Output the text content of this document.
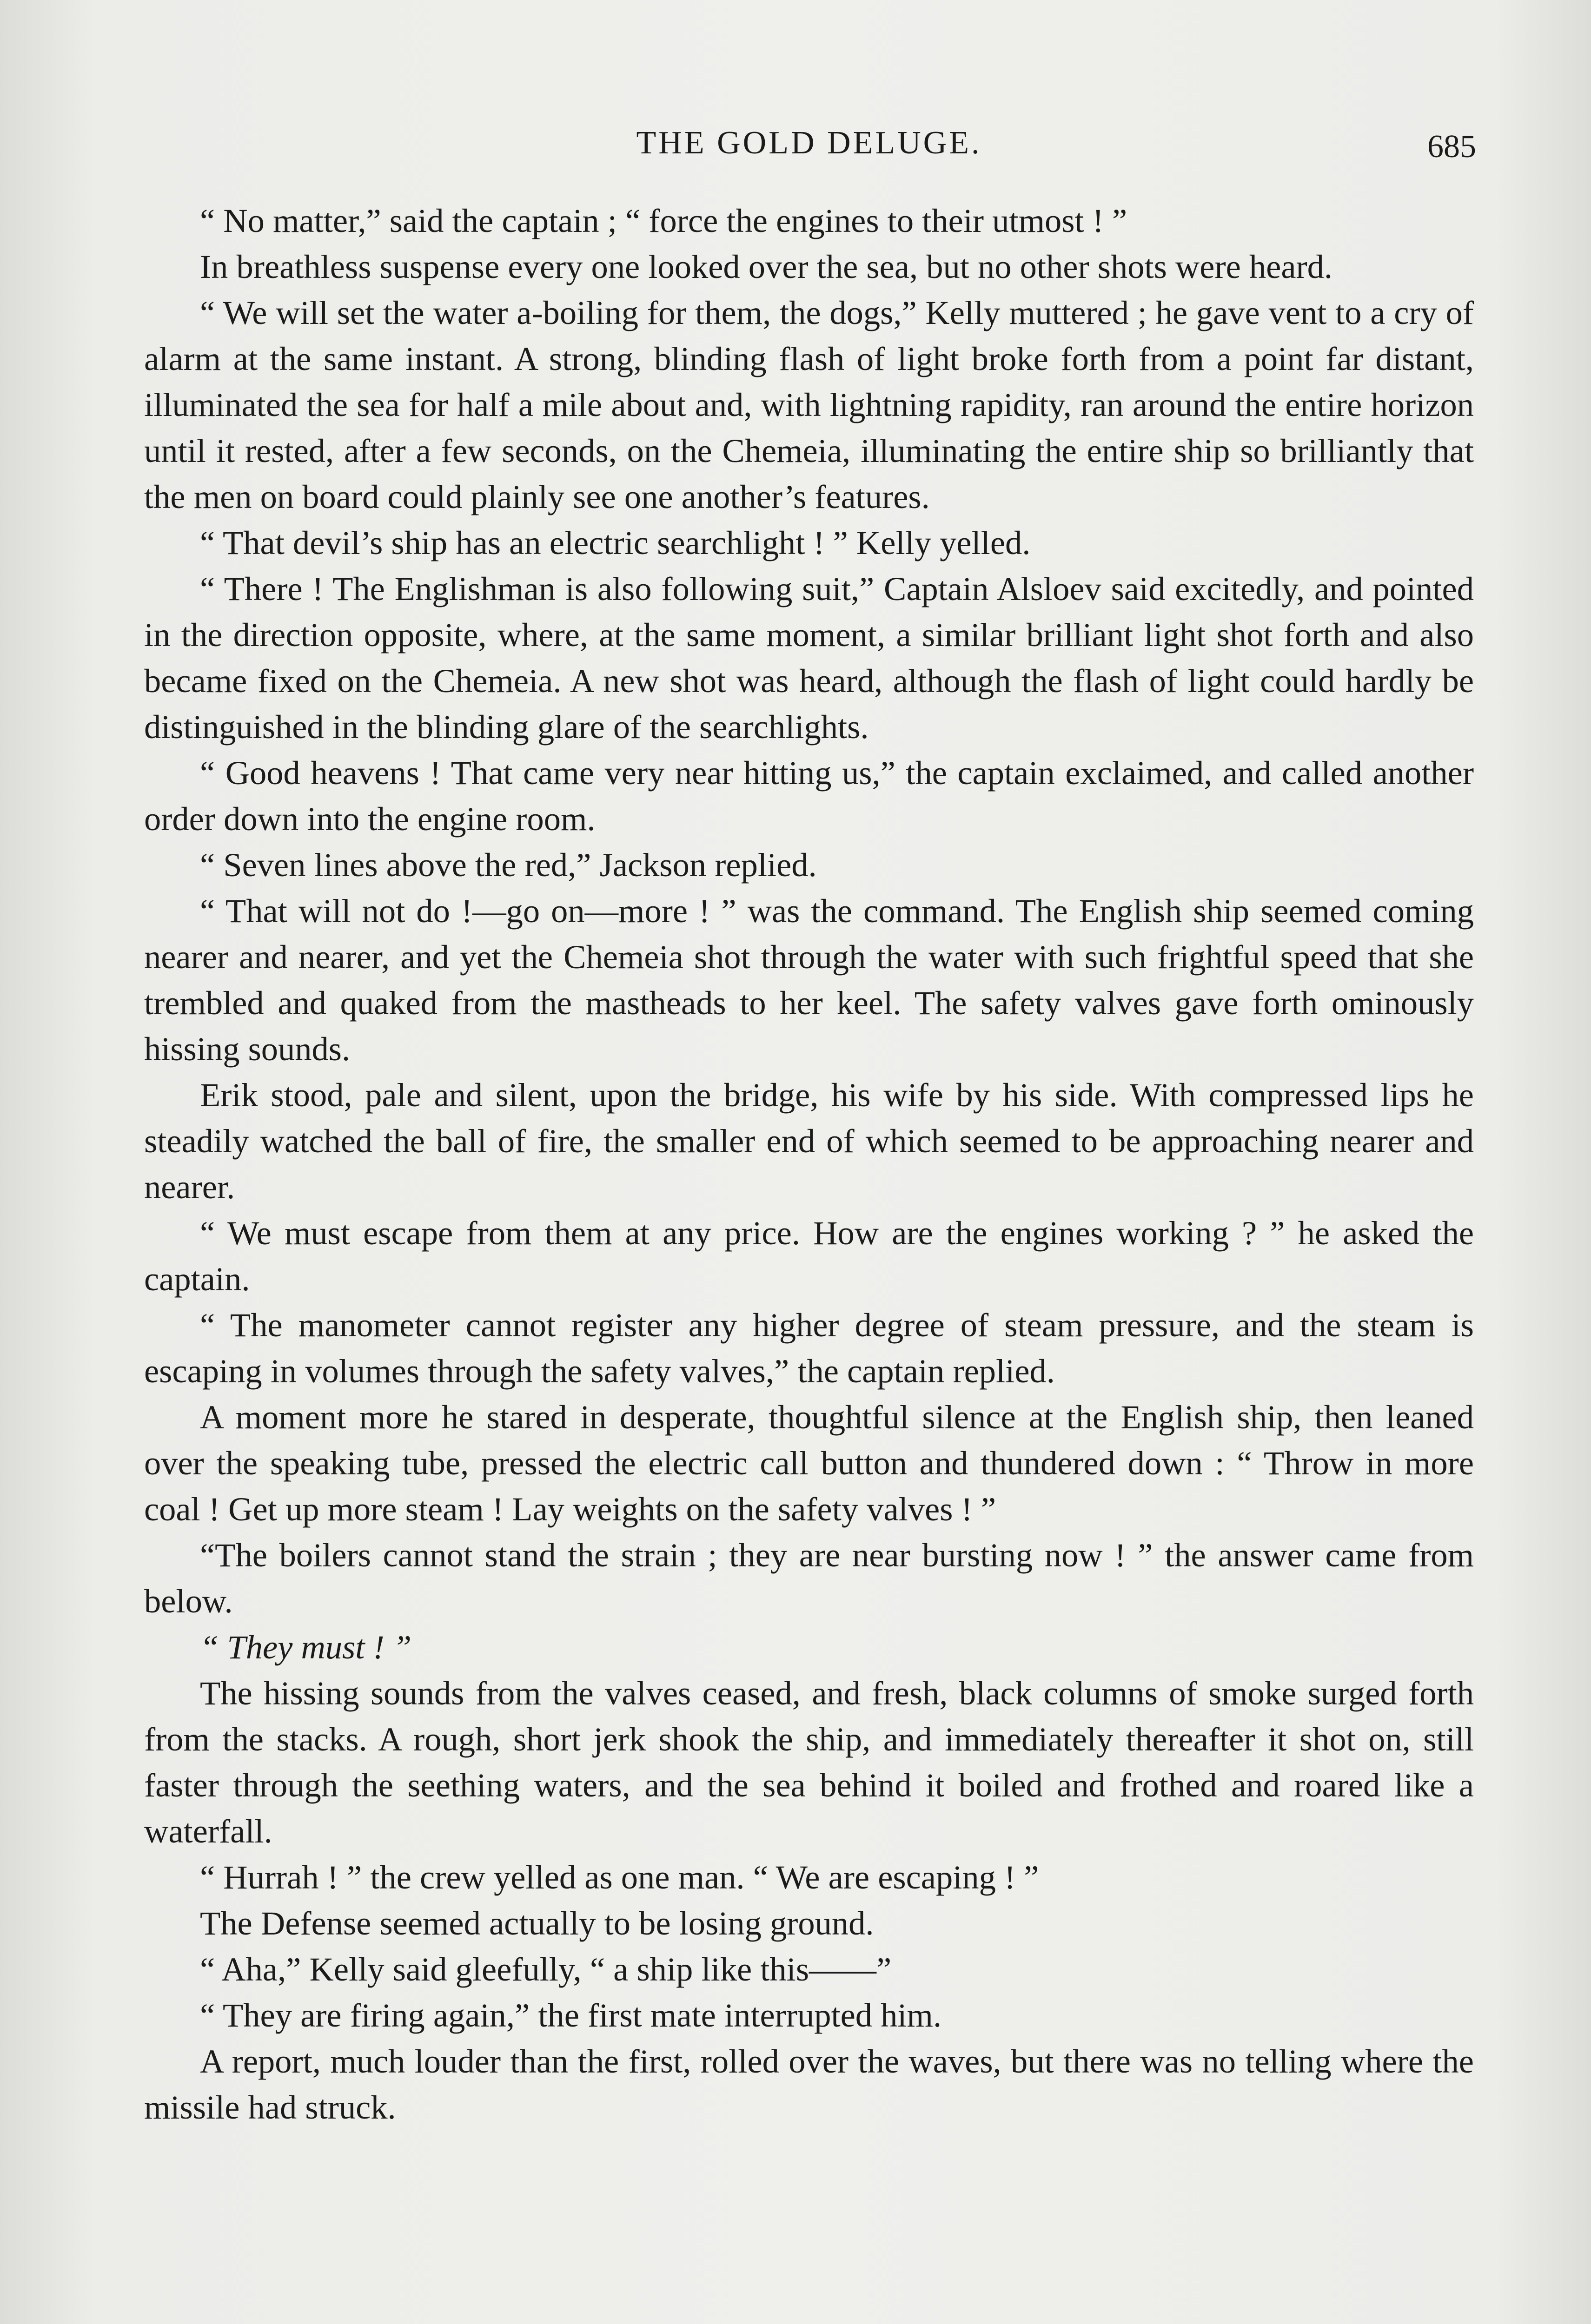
THE GOLD DELUGE.	685

“ No matter,” said the captain ; “ force the engines to their utmost ! ”

In breathless suspense every one looked over the sea, but no other shots were heard.

“ We will set the water a-boiling for them, the dogs,” Kelly muttered ; he gave vent to a cry of alarm at the same instant. A strong, blinding flash of light broke forth from a point far distant, illuminated the sea for half a mile about and, with lightning rapidity, ran around the entire horizon until it rested, after a few seconds, on the Chemeia, illuminating the entire ship so brilliantly that the men on board could plainly see one another’s features.

“ That devil’s ship has an electric searchlight ! ” Kelly yelled.

“ There ! The Englishman is also following suit,” Captain Alsloev said excitedly, and pointed in the direction opposite, where, at the same moment, a similar brilliant light shot forth and also became fixed on the Chemeia. A new shot was heard, although the flash of light could hardly be distinguished in the blinding glare of the searchlights.

“ Good heavens ! That came very near hitting us,” the captain exclaimed, and called another order down into the engine room.

“ Seven lines above the red,” Jackson replied.

“ That will not do !—go on—more ! ” was the command. The English ship seemed coming nearer and nearer, and yet the Chemeia shot through the water with such frightful speed that she trembled and quaked from the mastheads to her keel. The safety valves gave forth ominously hissing sounds.

Erik stood, pale and silent, upon the bridge, his wife by his side. With compressed lips he steadily watched the ball of fire, the smaller end of which seemed to be approaching nearer and nearer.

“ We must escape from them at any price. How are the engines working ? ” he asked the captain.

“ The manometer cannot register any higher degree of steam pressure, and the steam is escaping in volumes through the safety valves,” the captain replied.

A moment more he stared in desperate, thoughtful silence at the English ship, then leaned over the speaking tube, pressed the electric call button and thundered down : “ Throw in more coal ! Get up more steam ! Lay weights on the safety valves ! ”

“The boilers cannot stand the strain ; they are near bursting now ! ” the answer came from below.

“ They must ! ”

The hissing sounds from the valves ceased, and fresh, black columns of smoke surged forth from the stacks. A rough, short jerk shook the ship, and immediately thereafter it shot on, still faster through the seething waters, and the sea behind it boiled and frothed and roared like a waterfall.

“ Hurrah ! ” the crew yelled as one man. “ We are escaping ! ”

The Defense seemed actually to be losing ground.

“ Aha,” Kelly said gleefully, “ a ship like this——”

“ They are firing again,” the first mate interrupted him.

A report, much louder than the first, rolled over the waves, but there was no telling where the missile had struck.
